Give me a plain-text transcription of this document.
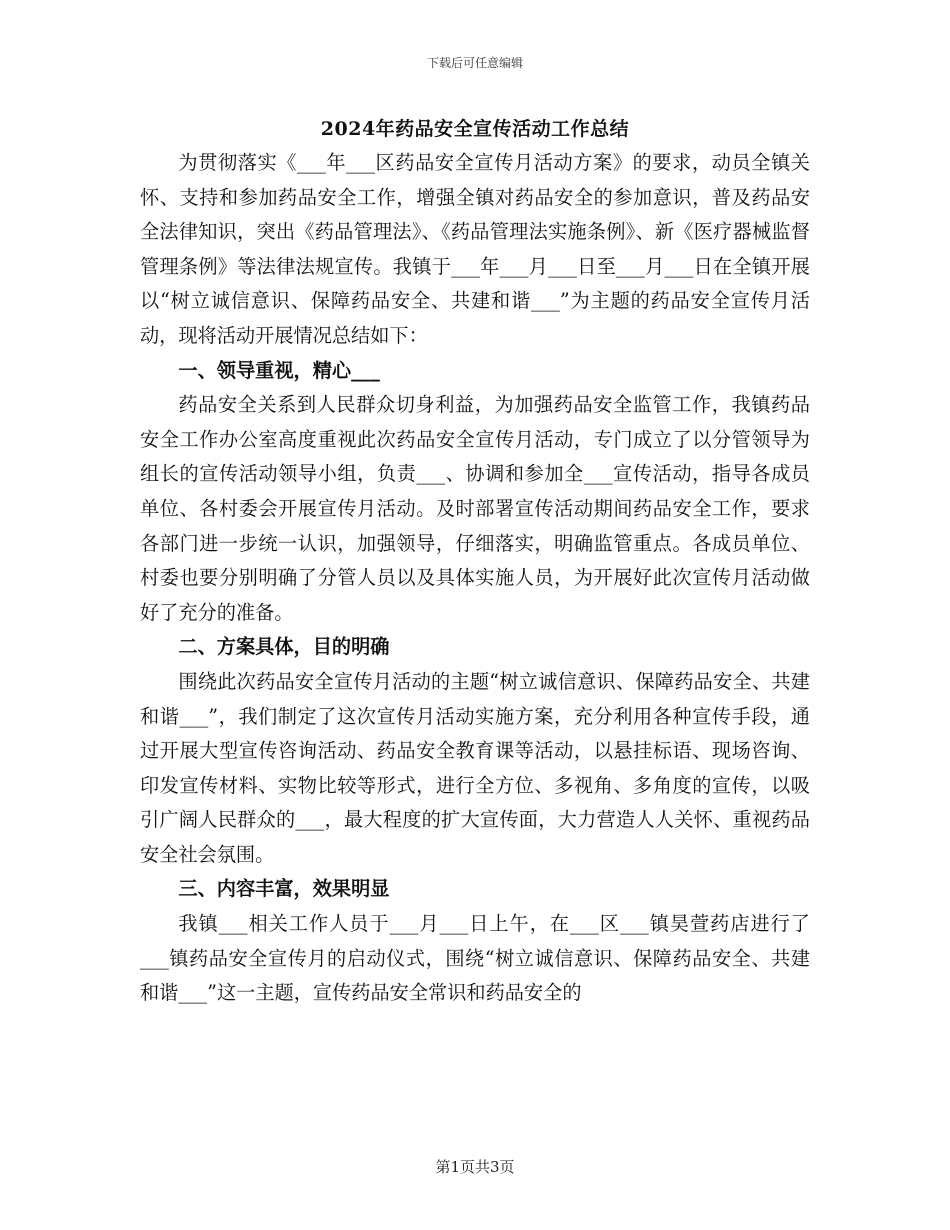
下载后可任意编辑
2024年药品安全宣传活动工作总结

为贯彻落实《___年___区药品安全宣传月活动方案》的要求，动员全镇关怀、支持和参加药品安全工作，增强全镇对药品安全的参加意识，普及药品安全法律知识，突出《药品管理法》、《药品管理法实施条例》、新《医疗器械监督管理条例》等法律法规宣传。我镇于___年___月___日至___月___日在全镇开展以“树立诚信意识、保障药品安全、共建和谐___”为主题的药品安全宣传月活动，现将活动开展情况总结如下：

一、领导重视，精心___

药品安全关系到人民群众切身利益，为加强药品安全监管工作，我镇药品安全工作办公室高度重视此次药品安全宣传月活动，专门成立了以分管领导为组长的宣传活动领导小组，负责___、协调和参加全___宣传活动，指导各成员单位、各村委会开展宣传月活动。及时部署宣传活动期间药品安全工作，要求各部门进一步统一认识，加强领导，仔细落实，明确监管重点。各成员单位、村委也要分别明确了分管人员以及具体实施人员，为开展好此次宣传月活动做好了充分的准备。

二、方案具体，目的明确

围绕此次药品安全宣传月活动的主题“树立诚信意识、保障药品安全、共建和谐___”，我们制定了这次宣传月活动实施方案，充分利用各种宣传手段，通过开展大型宣传咨询活动、药品安全教育课等活动，以悬挂标语、现场咨询、印发宣传材料、实物比较等形式，进行全方位、多视角、多角度的宣传，以吸引广阔人民群众的___，最大程度的扩大宣传面，大力营造人人关怀、重视药品安全社会氛围。

三、内容丰富，效果明显

我镇___相关工作人员于___月___日上午，在___区___镇昊萱药店进行了___镇药品安全宣传月的启动仪式，围绕“树立诚信意识、保障药品安全、共建和谐___”这一主题，宣传药品安全常识和药品安全的

第1页共3页
